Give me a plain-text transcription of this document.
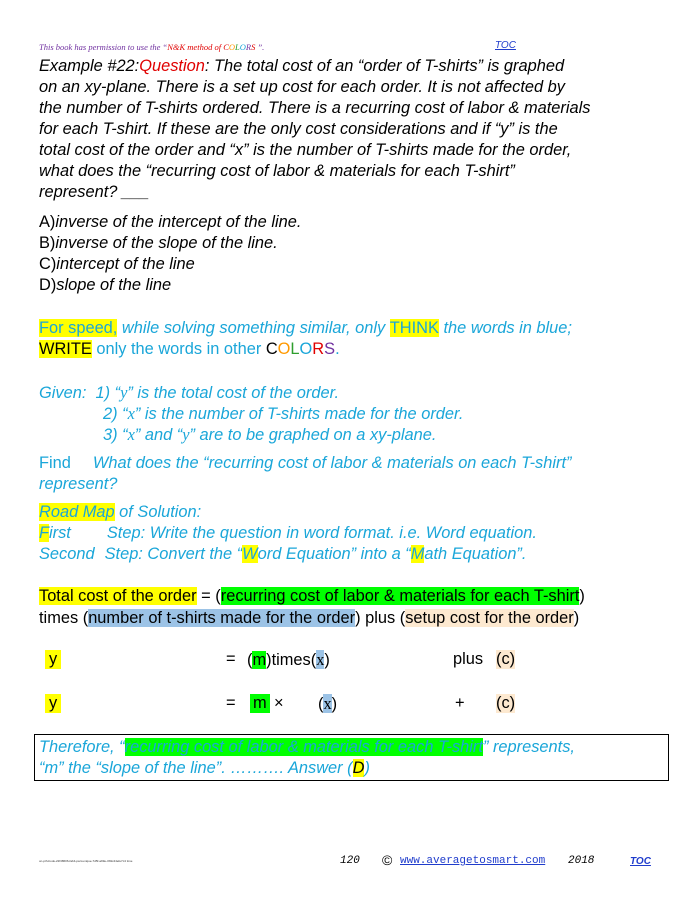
This book has permission to use the “N&K method of COLORS ”.	TOC
Example #22:Question: The total cost of an “order of T-shirts” is graphed
on an xy-plane. There is a set up cost for each order. It is not affected by
the number of T-shirts ordered. There is a recurring cost of labor & materials
for each T-shirt. If these are the only cost considerations and if “y” is the
total cost of the order and “x” is the number of T-shirts made for the order,
what does the “recurring cost of labor & materials for each T-shirt”
represent? ___
A)inverse of the intercept of the line.
B)inverse of the slope of the line.
C)intercept of the line
D)slope of the line
For speed, while solving something similar, only THINK the words in blue;
WRITE only the words in other COLORS.
Given: 1) “y” is the total cost of the order.
2) “x” is the number of T-shirts made for the order.
3) “x” and “y” are to be graphed on a xy-plane.
Find What does the “recurring cost of labor & materials on each T-shirt”
represent?
Road Map of Solution:
First Step: Write the question in word format. i.e. Word equation.
Second Step: Convert the “Word Equation” into a “Math Equation”.
Total cost of the order = (recurring cost of labor & materials for each T-shirt)
times (number of t-shirts made for the order) plus (setup cost for the order)
y	= (m)times(x)	plus (c)
y	= m × (x)	+ (c)
Therefore, “recurring cost of labor & materials for each T-shirt” represents,
“m” the “slope of the line”. ………. Answer (D)
on-pth-book-22f48606-fab4-part-unique-7d5f-a99e-3b9c44efe7c4 time	120 © www.averagetosmart.com 2018	TOC
